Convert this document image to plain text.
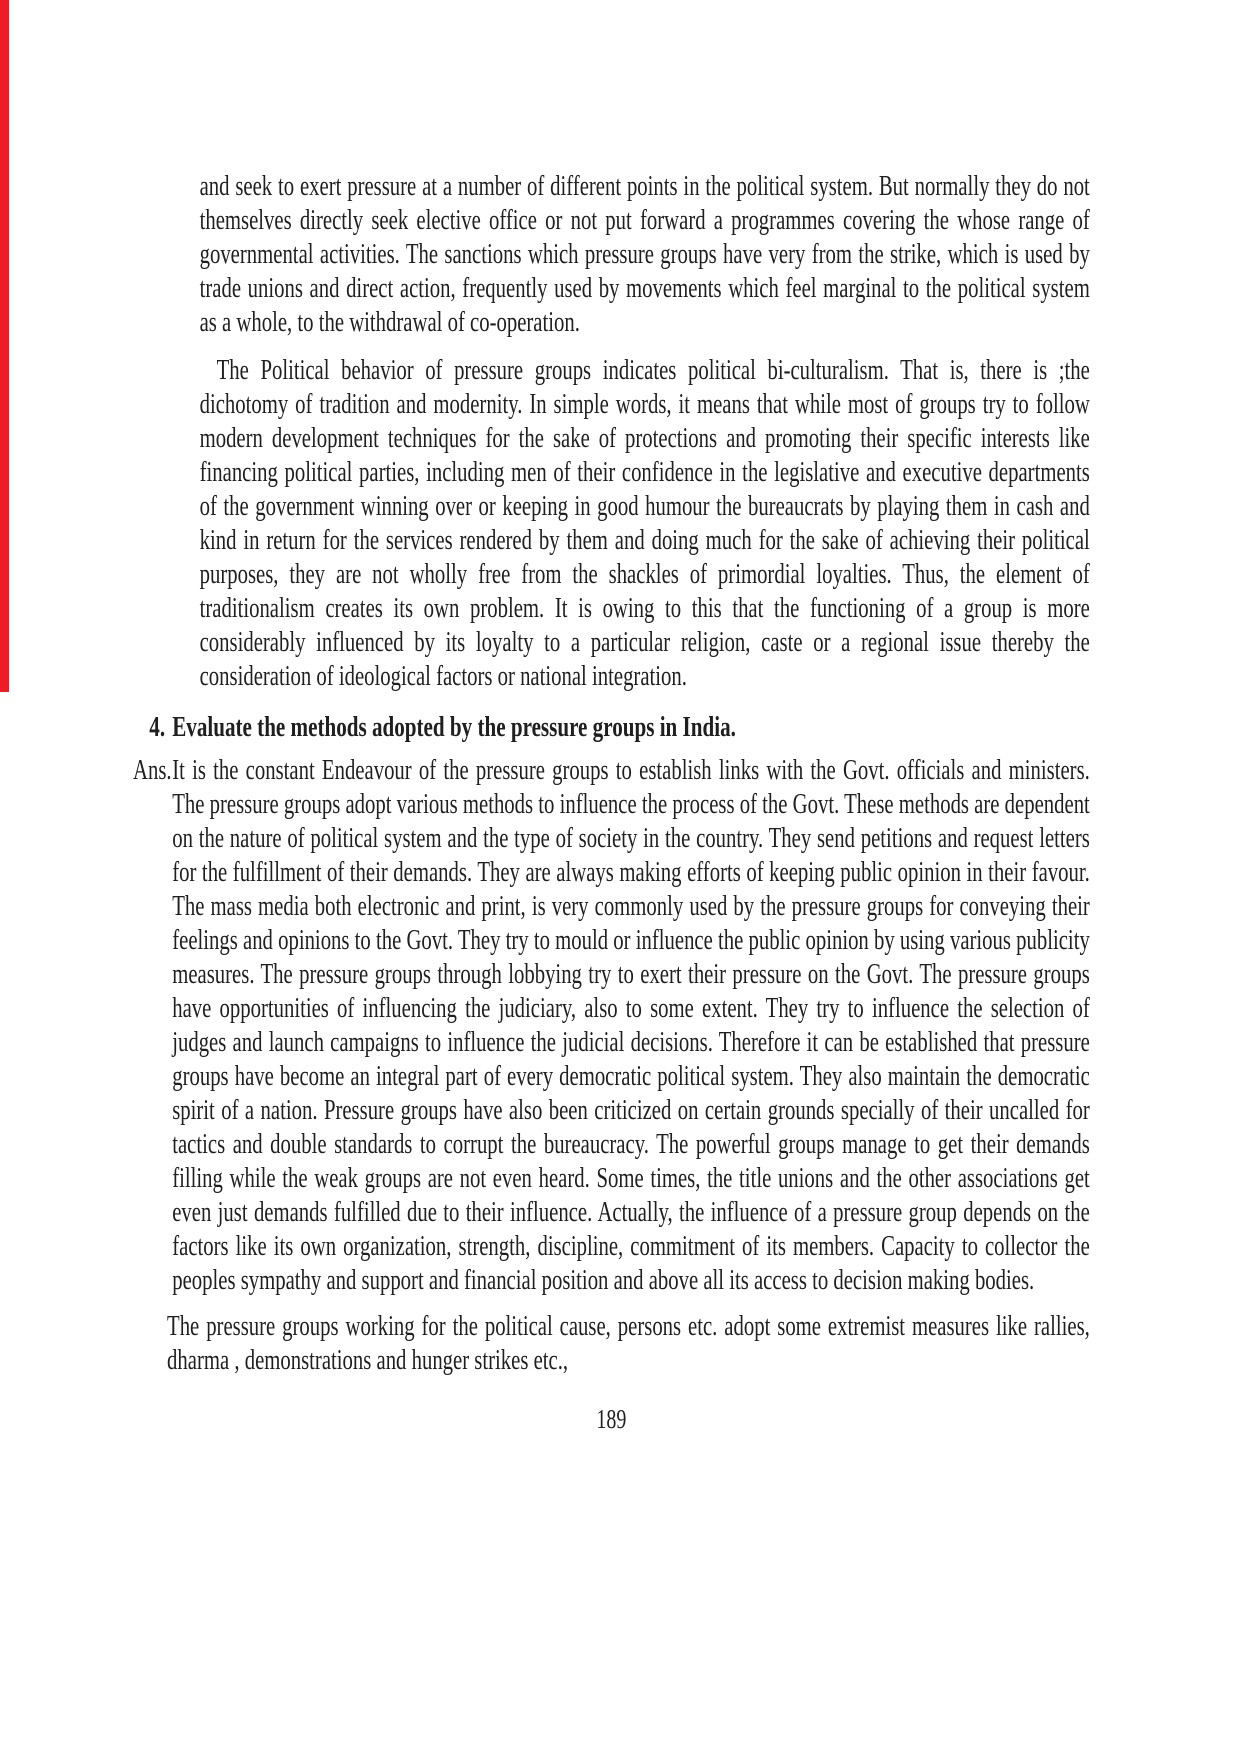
and seek to exert pressure at a number of different points in the political system. But normally they do not themselves directly seek elective office or not put forward a programmes covering the whose range of governmental activities. The sanctions which pressure groups have very from the strike, which is used by trade unions and direct action, frequently used by movements which feel marginal to the political system as a whole, to the withdrawal of co-operation.

The Political behavior of pressure groups indicates political bi-culturalism. That is, there is ;the dichotomy of tradition and modernity. In simple words, it means that while most of groups try to follow modern development techniques for the sake of protections and promoting their specific interests like financing political parties, including men of their confidence in the legislative and executive departments of the government winning over or keeping in good humour the bureaucrats by playing them in cash and kind in return for the services rendered by them and doing much for the sake of achieving their political purposes, they are not wholly free from the shackles of primordial loyalties. Thus, the element of traditionalism creates its own problem. It is owing to this that the functioning of a group is more considerably influenced by its loyalty to a particular religion, caste or a regional issue thereby the consideration of ideological factors or national integration.

4. Evaluate the methods adopted by the pressure groups in India.
Ans. It is the constant Endeavour of the pressure groups to establish links with the Govt. officials and ministers. The pressure groups adopt various methods to influence the process of the Govt. These methods are dependent on the nature of political system and the type of society in the country. They send petitions and request letters for the fulfillment of their demands. They are always making efforts of keeping public opinion in their favour. The mass media both electronic and print, is very commonly used by the pressure groups for conveying their feelings and opinions to the Govt. They try to mould or influence the public opinion by using various publicity measures. The pressure groups through lobbying try to exert their pressure on the Govt. The pressure groups have opportunities of influencing the judiciary, also to some extent. They try to influence the selection of judges and launch campaigns to influence the judicial decisions. Therefore it can be established that pressure groups have become an integral part of every democratic political system. They also maintain the democratic spirit of a nation. Pressure groups have also been criticized on certain grounds specially of their uncalled for tactics and double standards to corrupt the bureaucracy. The powerful groups manage to get their demands filling while the weak groups are not even heard. Some times, the title unions and the other associations get even just demands fulfilled due to their influence. Actually, the influence of a pressure group depends on the factors like its own organization, strength, discipline, commitment of its members. Capacity to collector the peoples sympathy and support and financial position and above all its access to decision making bodies.

The pressure groups working for the political cause, persons etc. adopt some extremist measures like rallies, dharma , demonstrations and hunger strikes etc.,

189
